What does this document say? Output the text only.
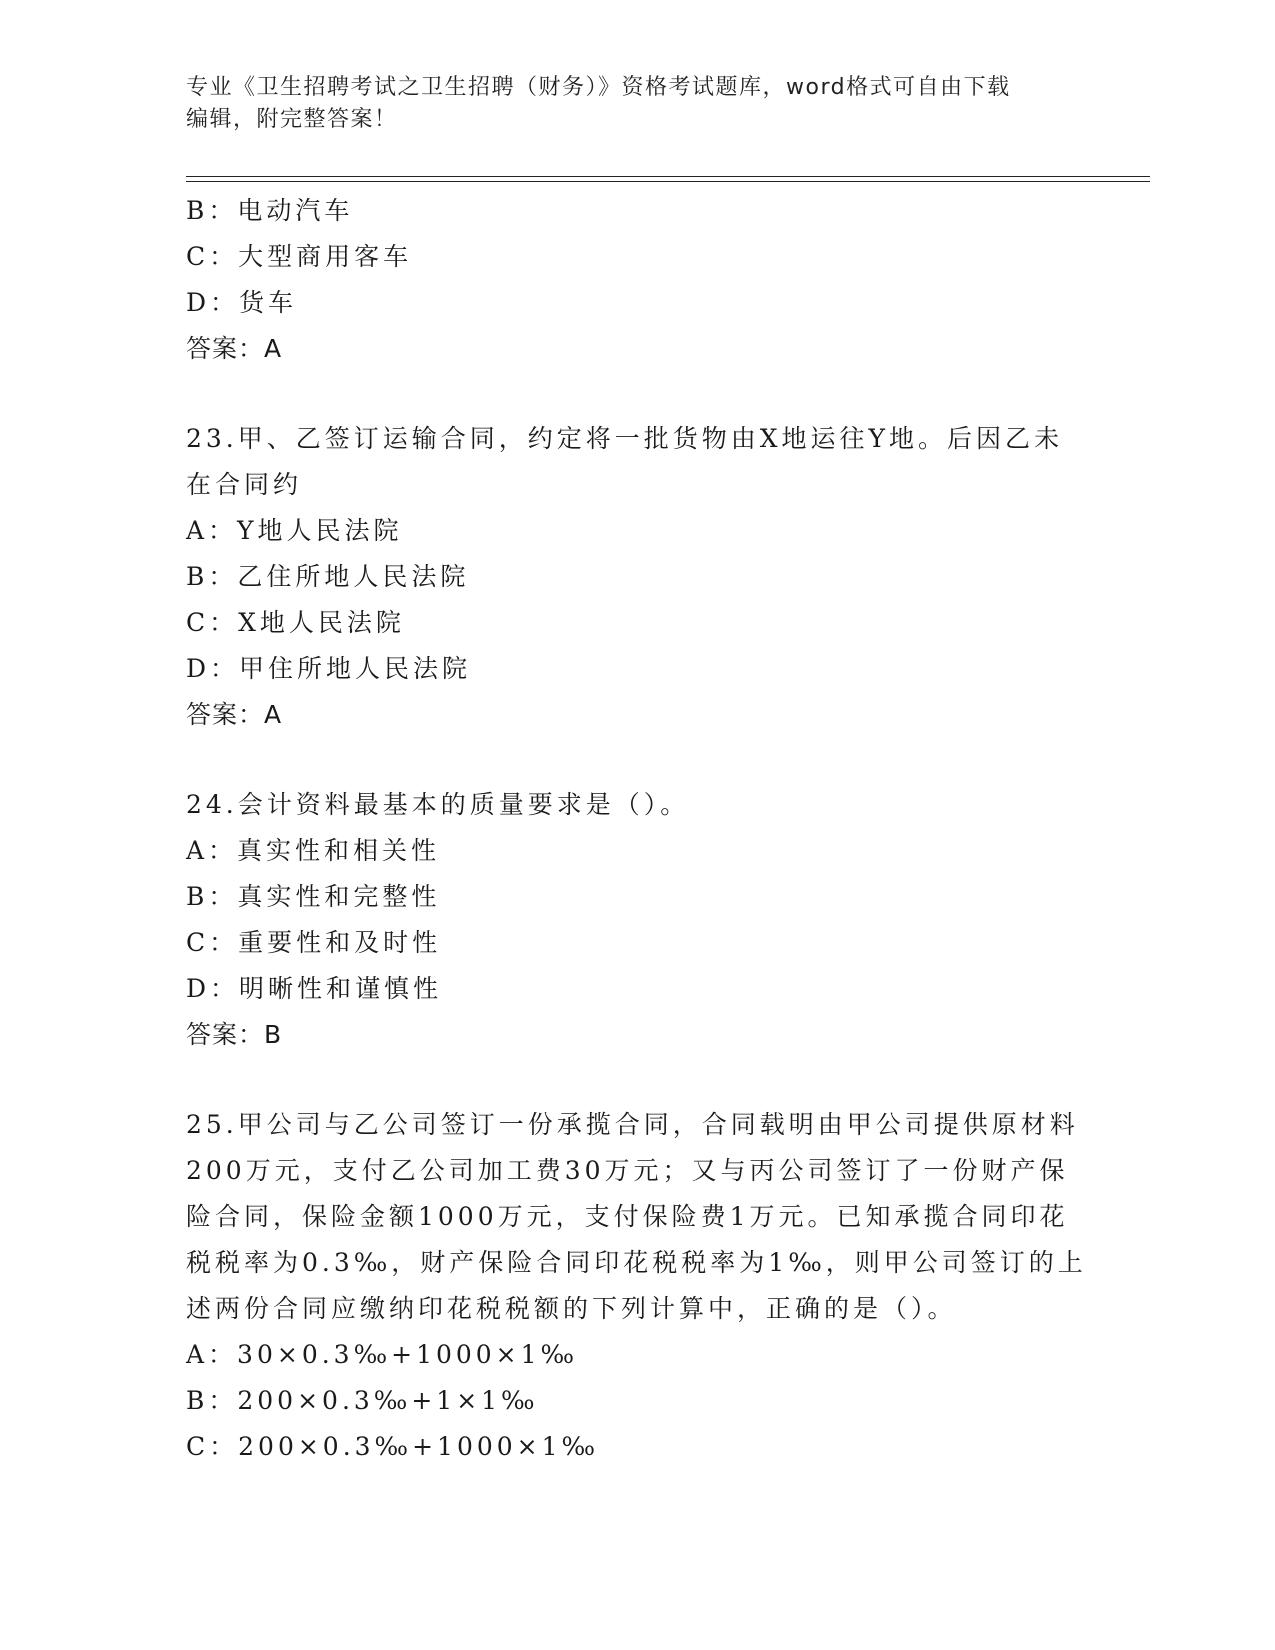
专业《卫生招聘考试之卫生招聘（财务）》资格考试题库，word格式可自由下载
编辑，附完整答案！
B：电动汽车
C：大型商用客车
D：货车
答案：A
23.甲、乙签订运输合同，约定将一批货物由X地运往Y地。后因乙未
在合同约
A：Y地人民法院
B：乙住所地人民法院
C：X地人民法院
D：甲住所地人民法院
答案：A
24.会计资料最基本的质量要求是（）。
A：真实性和相关性
B：真实性和完整性
C：重要性和及时性
D：明晰性和谨慎性
答案：B
25.甲公司与乙公司签订一份承揽合同，合同载明由甲公司提供原材料
200万元，支付乙公司加工费30万元；又与丙公司签订了一份财产保
险合同，保险金额1000万元，支付保险费1万元。已知承揽合同印花
税税率为0.3‰，财产保险合同印花税税率为1‰，则甲公司签订的上
述两份合同应缴纳印花税税额的下列计算中，正确的是（）。
A：30×0.3‰+1000×1‰
B：200×0.3‰+1×1‰
C：200×0.3‰+1000×1‰
